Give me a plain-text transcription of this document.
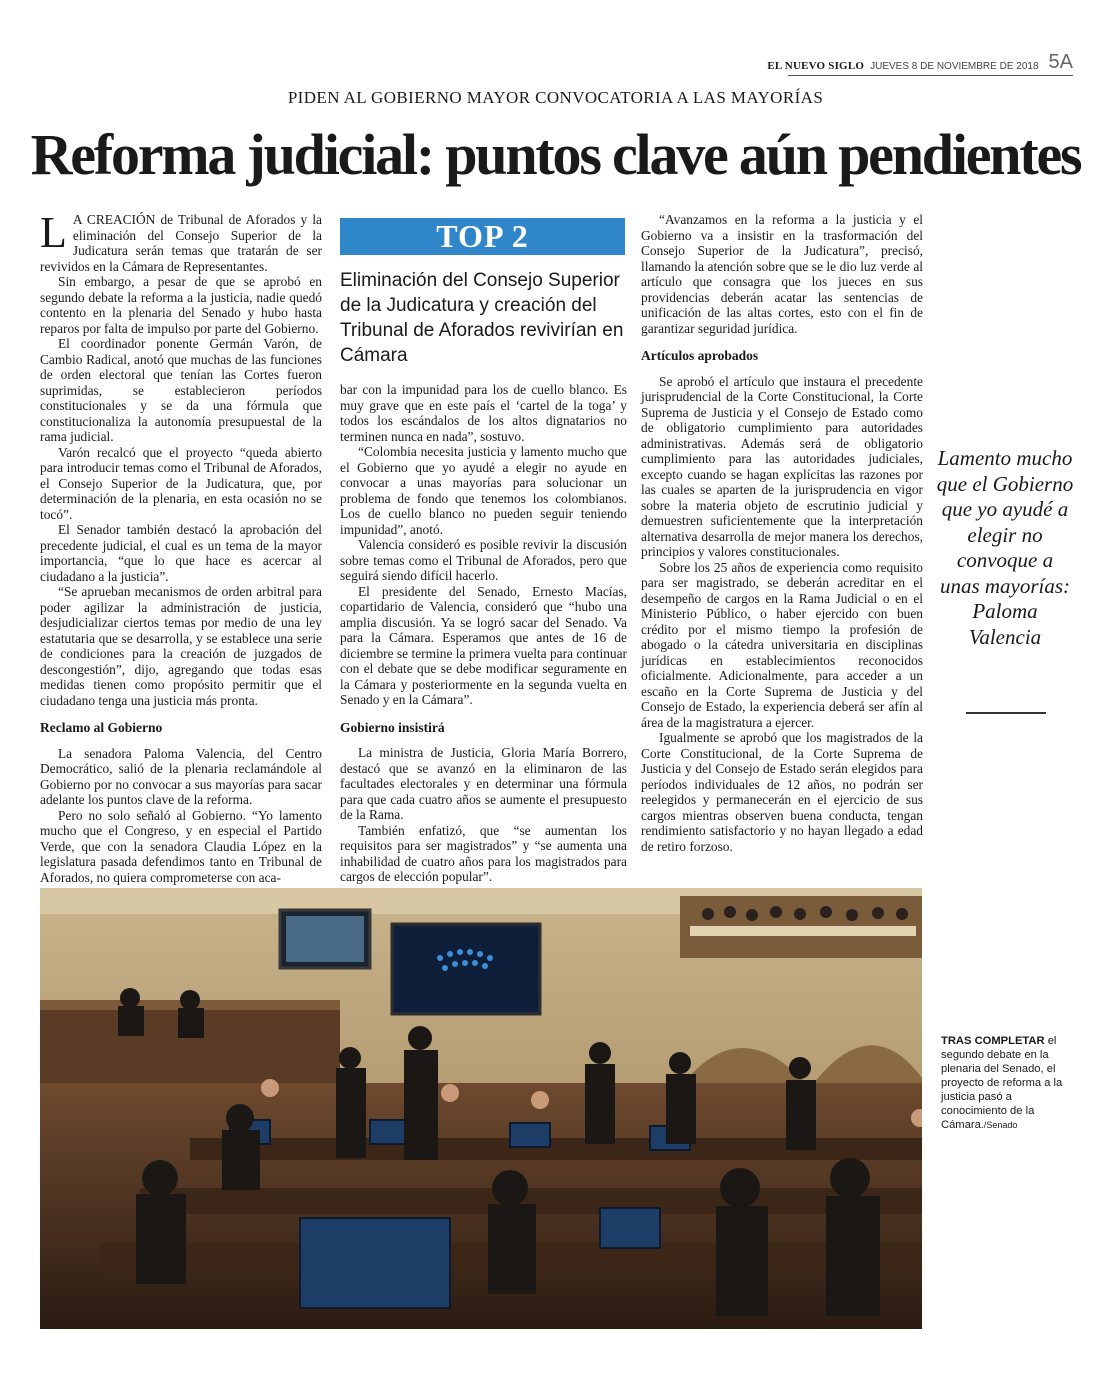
EL NUEVO SIGLO JUEVES 8 DE NOVIEMBRE DE 2018 5A
PIDEN AL GOBIERNO MAYOR CONVOCATORIA A LAS MAYORÍAS
Reforma judicial: puntos clave aún pendientes

L A CREACIÓN de Tribunal de Aforados y la eliminación del Consejo Superior de la Judicatura serán temas que tratarán de ser revividos en la Cámara de Representantes.

Sin embargo, a pesar de que se aprobó en segundo debate la reforma a la justicia, nadie quedó contento en la plenaria del Senado y hubo hasta reparos por falta de impulso por parte del Gobierno.

El coordinador ponente Germán Varón, de Cambio Radical, anotó que muchas de las funciones de orden electoral que tenían las Cortes fueron suprimidas, se establecieron períodos constitucionales y se da una fórmula que constitucionaliza la autonomía presupuestal de la rama judicial.

Varón recalcó que el proyecto “queda abierto para introducir temas como el Tribunal de Aforados, el Consejo Superior de la Judicatura, que, por determinación de la plenaria, en esta ocasión no se tocó”.

El Senador también destacó la aprobación del precedente judicial, el cual es un tema de la mayor importancia, “que lo que hace es acercar al ciudadano a la justicia”.

“Se aprueban mecanismos de orden arbitral para poder agilizar la administración de justicia, desjudicializar ciertos temas por medio de una ley estatutaria que se desarrolla, y se establece una serie de condiciones para la creación de juzgados de descongestión”, dijo, agregando que todas esas medidas tienen como propósito permitir que el ciudadano tenga una justicia más pronta.

Reclamo al Gobierno

La senadora Paloma Valencia, del Centro Democrático, salió de la plenaria reclamándole al Gobierno por no convocar a sus mayorías para sacar adelante los puntos clave de la reforma.

Pero no solo señaló al Gobierno. “Yo lamento mucho que el Congreso, y en especial el Partido Verde, que con la senadora Claudia López en la legislatura pasada defendimos tanto en Tribunal de Aforados, no quiera comprometerse con aca-

TOP 2
Eliminación del Consejo Superior de la Judicatura y creación del Tribunal de Aforados revivirían en Cámara

bar con la impunidad para los de cuello blanco. Es muy grave que en este país el ‘cartel de la toga’ y todos los escándalos de los altos dignatarios no terminen nunca en nada”, sostuvo.

“Colombia necesita justicia y lamento mucho que el Gobierno que yo ayudé a elegir no ayude en convocar a unas mayorías para solucionar un problema de fondo que tenemos los colombianos. Los de cuello blanco no pueden seguir teniendo impunidad”, anotó.

Valencia consideró es posible revivir la discusión sobre temas como el Tribunal de Aforados, pero que seguirá siendo difícil hacerlo.

El presidente del Senado, Ernesto Macías, copartidario de Valencia, consideró que “hubo una amplia discusión. Ya se logró sacar del Senado. Va para la Cámara. Esperamos que antes de 16 de diciembre se termine la primera vuelta para continuar con el debate que se debe modificar seguramente en la Cámara y posteriormente en la segunda vuelta en Senado y en la Cámara”.

Gobierno insistirá

La ministra de Justicia, Gloria María Borrero, destacó que se avanzó en la eliminaron de las facultades electorales y en determinar una fórmula para que cada cuatro años se aumente el presupuesto de la Rama.

También enfatizó, que “se aumentan los requisitos para ser magistrados” y “se aumenta una inhabilidad de cuatro años para los magistrados para cargos de elección popular”.

“Avanzamos en la reforma a la justicia y el Gobierno va a insistir en la trasformación del Consejo Superior de la Judicatura”, precisó, llamando la atención sobre que se le dio luz verde al artículo que consagra que los jueces en sus providencias deberán acatar las sentencias de unificación de las altas cortes, esto con el fin de garantizar seguridad jurídica.

Artículos aprobados

Se aprobó el artículo que instaura el precedente jurisprudencial de la Corte Constitucional, la Corte Suprema de Justicia y el Consejo de Estado como de obligatorio cumplimiento para autoridades administrativas. Además será de obligatorio cumplimiento para las autoridades judiciales, excepto cuando se hagan explícitas las razones por las cuales se aparten de la jurisprudencia en vigor sobre la materia objeto de escrutinio judicial y demuestren suficientemente que la interpretación alternativa desarrolla de mejor manera los derechos, principios y valores constitucionales.

Sobre los 25 años de experiencia como requisito para ser magistrado, se deberán acreditar en el desempeño de cargos en la Rama Judicial o en el Ministerio Público, o haber ejercido con buen crédito por el mismo tiempo la profesión de abogado o la cátedra universitaria en disciplinas jurídicas en establecimientos reconocidos oficialmente. Adicionalmente, para acceder a un escaño en la Corte Suprema de Justicia y del Consejo de Estado, la experiencia deberá ser afín al área de la magistratura a ejercer.

Igualmente se aprobó que los magistrados de la Corte Constitucional, de la Corte Suprema de Justicia y del Consejo de Estado serán elegidos para períodos individuales de 12 años, no podrán ser reelegidos y permanecerán en el ejercicio de sus cargos mientras observen buena conducta, tengan rendimiento satisfactorio y no hayan llegado a edad de retiro forzoso.

Lamento mucho que el Gobierno que yo ayudé a elegir no convoque a unas mayorías: Paloma Valencia
TRAS COMPLETAR el segundo debate en la plenaria del Senado, el proyecto de reforma a la justicia pasó a conocimiento de la Cámara./Senado
